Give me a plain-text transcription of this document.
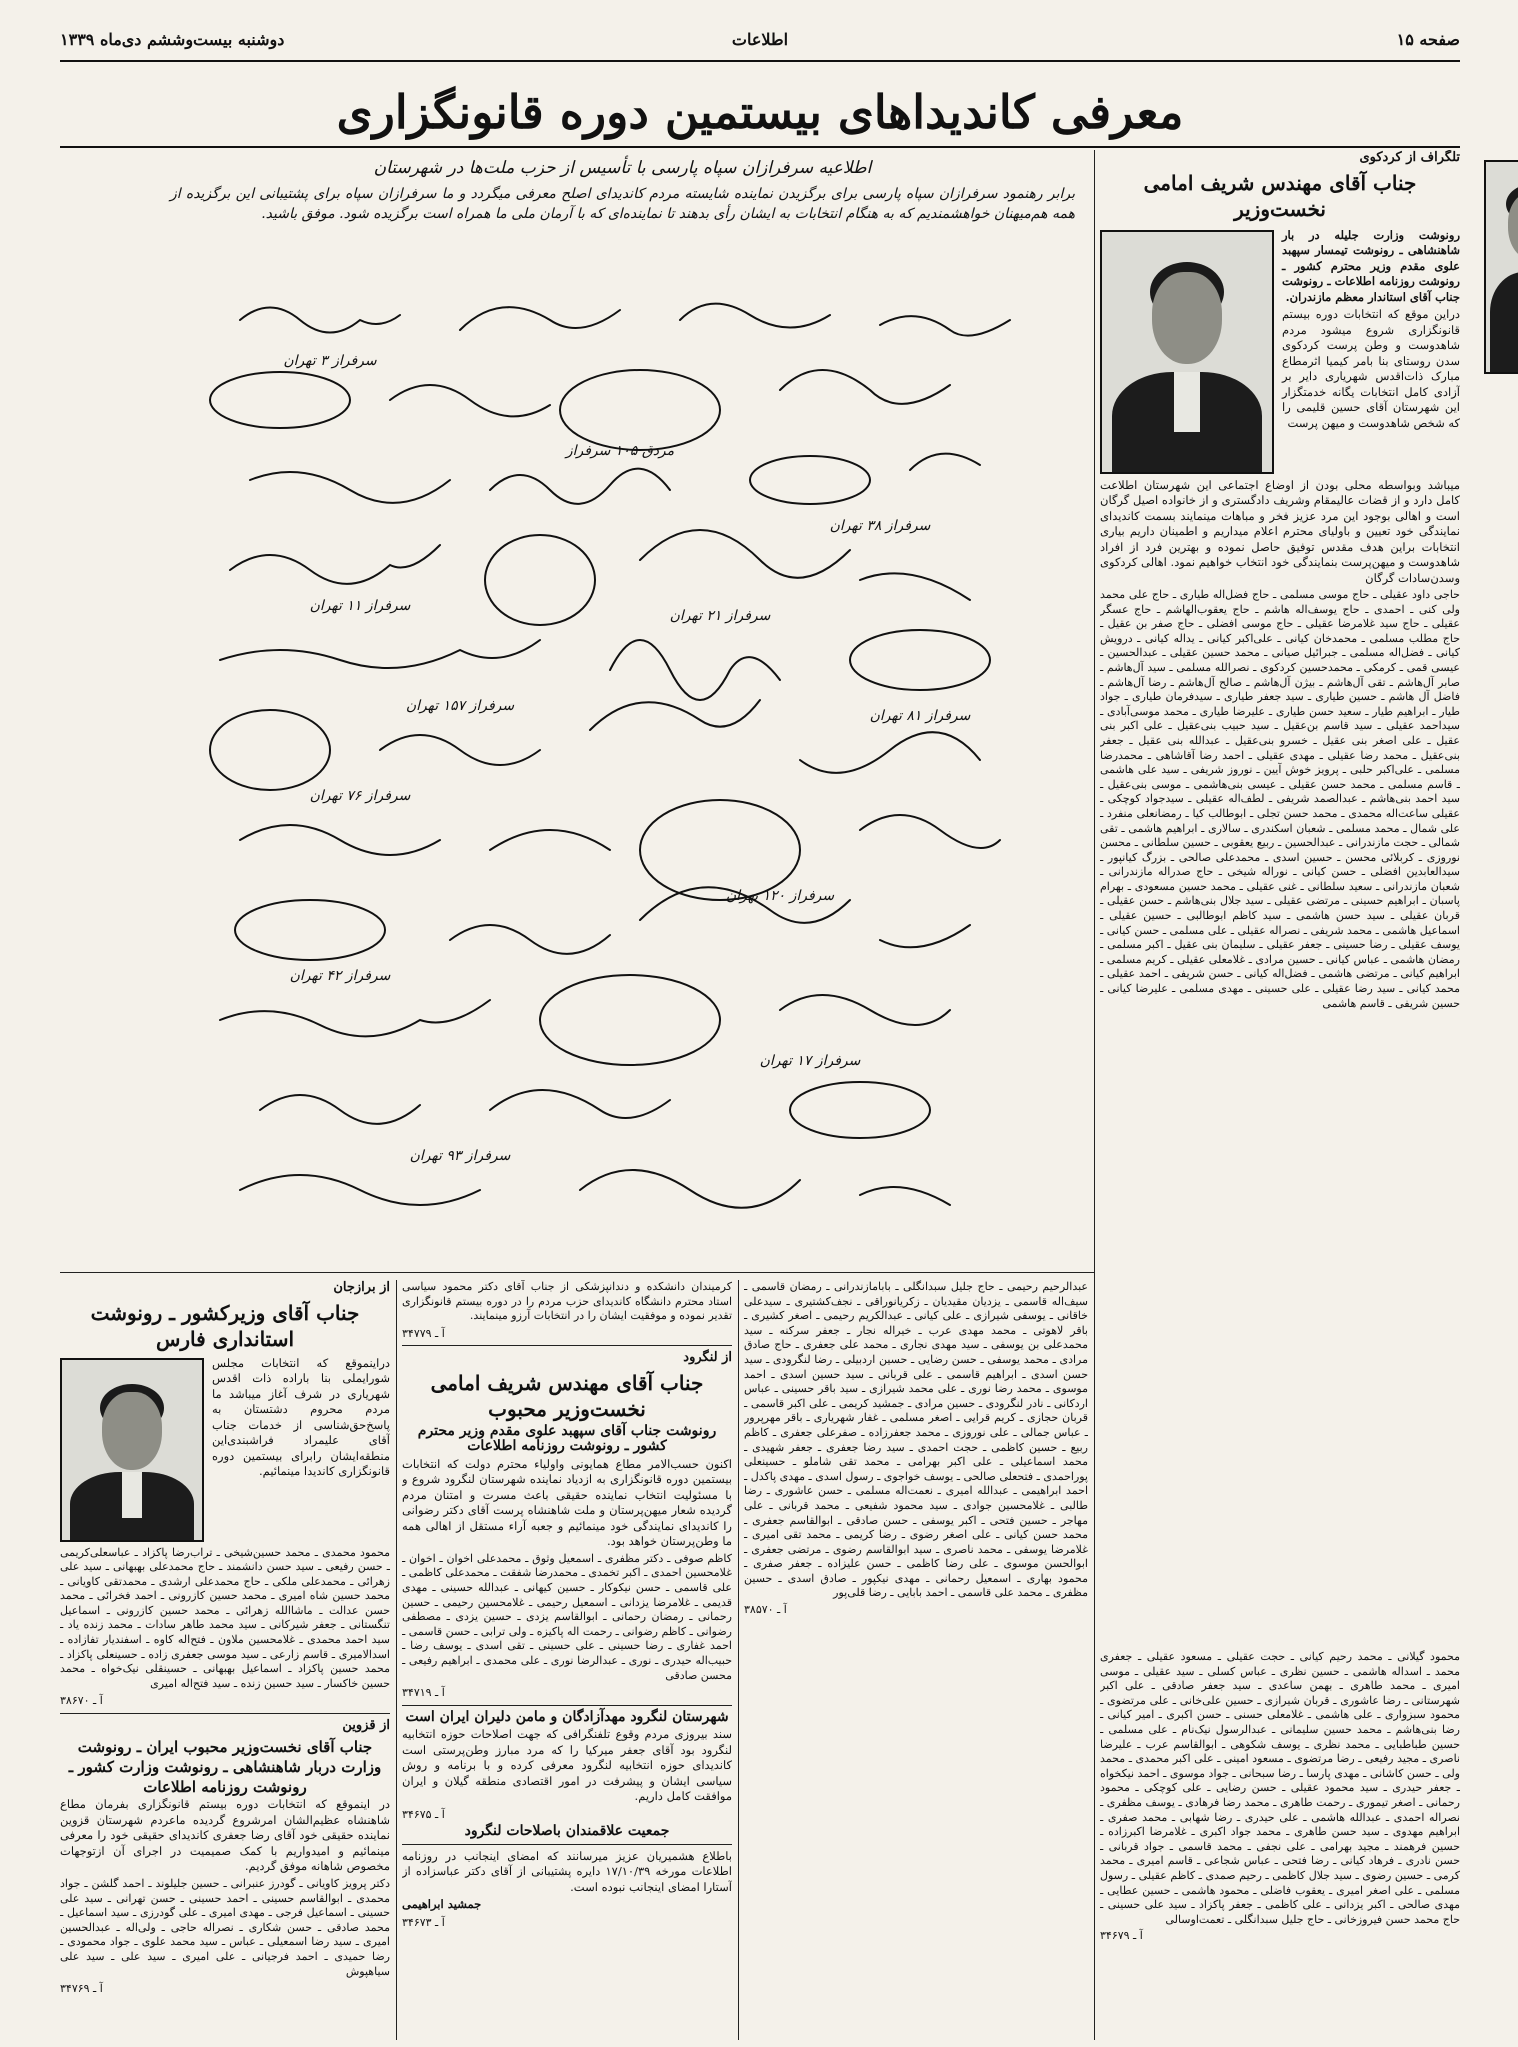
صفحه ۱۵
اطلاعات
دوشنبه بیست‌وششم دی‌ماه ۱۳۳۹
معرفی کاندیداهای بیستمین دوره قانونگزاری
تلگراف از کردکوی
جناب آقای مهندس شریف امامی
نخست‌وزیر

رونوشت وزارت جلیله در بار شاهنشاهی ـ رونوشت تیمسار سپهبد علوی مقدم وزیر محترم کشور ـ رونوشت روزنامه اطلاعات ـ رونوشت جناب آقای استاندار معظم مازندران.

دراین موقع که انتخابات دوره بیستم قانونگزاری شروع میشود مردم شاهدوست و وطن پرست کردکوی سدن روستای بنا بامر کیمیا اثرمطاع مبارک ذات‌اقدس شهریاری دایر بر آزادی کامل انتخابات یگانه خدمتگزار این شهرستان آقای حسین قلیمی را که شخص شاهدوست و میهن پرست

میباشد وبواسطه محلی بودن از اوضاع اجتماعی این شهرستان اطلاعت کامل دارد و از قضات عالیمقام وشریف دادگستری و از خانواده اصیل گرگان است و اهالی بوجود این مرد عزیز فخر و مباهات مینمایند بسمت کاندیدای نمایندگی خود تعیین و باولیای محترم اعلام میداریم و اطمینان داریم بیاری انتخابات براین هدف مقدس توفیق حاصل نموده و بهترین فرد از افراد شاهدوست و میهن‌پرست بنمایندگی خود انتخاب خواهیم نمود. اهالی کردکوی وسدن‌سادات گرگان

حاجی داود عقیلی ـ حاج موسی مسلمی ـ حاج فضل‌اله طیاری ـ حاج علی محمد ولی کنی ـ احمدی ـ حاج یوسف‌اله هاشم ـ حاج یعقوب‌الهاشم ـ حاج عسگر عقیلی ـ حاج سید غلامرضا عقیلی ـ حاج موسی افضلی ـ حاج صفر بن عقیل ـ حاج مطلب مسلمی ـ محمدخان کیانی ـ علی‌اکبر کیانی ـ یداله کیانی ـ درویش کیانی ـ فضل‌اله مسلمی ـ جبرائیل صیانی ـ محمد حسین عقیلی ـ عبدالحسین ـ عیسی قمی ـ کرمکی ـ محمدحسین کردکوی ـ نصرالله مسلمی ـ سید آل‌هاشم ـ صابر آل‌هاشم ـ تقی آل‌هاشم ـ بیژن آل‌هاشم ـ صالح آل‌هاشم ـ رضا آل‌هاشم ـ فاضل آل هاشم ـ حسین طیاری ـ سید جعفر طیاری ـ سیدفرمان طیاری ـ جواد طیار ـ ابراهیم طیار ـ سعید حسن طیاری ـ علیرضا طیاری ـ محمد موسی‌آبادی ـ سیداحمد عقیلی ـ سید قاسم بن‌عقیل ـ سید حبیب بنی‌عقیل ـ علی اکبر بنی عقیل ـ علی اصغر بنی عقیل ـ خسرو بنی‌عقیل ـ عبدالله بنی عقیل ـ جعفر بنی‌عقیل ـ محمد رضا عقیلی ـ مهدی عقیلی ـ احمد رضا آقاشاهی ـ محمدرضا مسلمی ـ علی‌اکبر حلبی ـ پرویز خوش آیین ـ نوروز شریفی ـ سید علی هاشمی ـ قاسم مسلمی ـ محمد حسن عقیلی ـ عیسی بنی‌هاشمی ـ موسی بنی‌عقیل ـ سید احمد بنی‌هاشم ـ عبدالصمد شریفی ـ لطف‌اله عقیلی ـ سیدجواد کوچکی ـ عقیلی ساعت‌اله محمدی ـ محمد حسن تجلی ـ ابوطالب کیا ـ رمضانعلی منفرد ـ علی شمال ـ محمد مسلمی ـ شعبان اسکندری ـ سالاری ـ ابراهیم هاشمی ـ تقی شمالی ـ حجت مازندرانی ـ عبدالحسین ـ ربیع یعقوبی ـ حسین سلطانی ـ محسن نوروزی ـ کربلائی محسن ـ حسین اسدی ـ محمدعلی صالحی ـ بزرگ کیانپور ـ سیدالعابدین افضلی ـ حسن کیانی ـ نوراله شیخی ـ حاج صدراله مازندرانی ـ شعبان مازندرانی ـ سعید سلطانی ـ غنی عقیلی ـ محمد حسین مسعودی ـ بهرام پاسبان ـ ابراهیم حسینی ـ مرتضی عقیلی ـ سید جلال بنی‌هاشم ـ حسن عقیلی ـ قربان عقیلی ـ سید حسن هاشمی ـ سید کاظم ابوطالبی ـ حسین عقیلی ـ اسماعیل هاشمی ـ محمد شریفی ـ نصراله عقیلی ـ علی مسلمی ـ حسن کیانی ـ یوسف عقیلی ـ رضا حسینی ـ جعفر عقیلی ـ سلیمان بنی عقیل ـ اکبر مسلمی ـ رمضان هاشمی ـ عباس کیانی ـ حسین مرادی ـ غلامعلی عقیلی ـ کریم مسلمی ـ ابراهیم کیانی ـ مرتضی هاشمی ـ فضل‌اله کیانی ـ حسن شریفی ـ احمد عقیلی ـ محمد کیانی ـ سید رضا عقیلی ـ علی حسینی ـ مهدی مسلمی ـ علیرضا کیانی ـ حسین شریفی ـ قاسم هاشمی

اطلاعیه سرفرازان سپاه پارسی با تأسیس از حزب ملت‌ها در شهرستان
برابر رهنمود سرفرازان سپاه پارسی برای برگزیدن نماینده شایسته مردم کاندیدای اصلح معرفی میگردد و ما سرفرازان سپاه برای پشتیبانی این برگزیده از همه هم‌میهنان خواهشمندیم که به هنگام انتخابات به ایشان رأی بدهند تا نماینده‌ای که با آرمان ملی ما همراه است برگزیده شود. موفق باشید.
سرفراز ۳ تهران
مردق ۱۰۵ سرفراز
سرفراز ۳۸ تهران
سرفراز ۱۱ تهران
سرفراز ۲۱ تهران
سرفراز ۱۵۷ تهران
سرفراز ۸۱ تهران
سرفراز ۷۶ تهران
سرفراز ۱۲۰ تهران
سرفراز ۴۲ تهران
سرفراز ۱۷ تهران
سرفراز ۹۳ تهران
از برازجان
جناب آقای وزیرکشور ـ رونوشت
استانداری فارس

دراینموقع که انتخابات مجلس شورایملی بنا باراده ذات اقدس شهریاری در شرف آغاز میباشد ما مردم محروم دشتستان به پاسخ‌حق‌شناسی از خدمات جناب آقای علیمراد فراشبندی‌این منطقه‌ایشان رابرای بیستمین دوره قانونگزاری کاندیدا مینمائیم.

محمود محمدی ـ محمد حسین‌شیخی ـ تراب‌رضا پاکزاد ـ عباسعلی‌کریمی ـ حسن رفیعی ـ سید حسن دانشمند ـ حاج محمدعلی بهبهانی ـ سید علی زهرائی ـ محمدعلی ملکی ـ حاج محمدعلی ارشدی ـ محمدتقی کاویانی ـ محمد حسین شاه امیری ـ محمد حسین کازرونی ـ احمد فخرائی ـ محمد حسن عدالت ـ ماشاالله زهرائی ـ محمد حسین کازرونی ـ اسماعیل تنگستانی ـ جعفر شیرکانی ـ سید محمد طاهر سادات ـ محمد زنده یاد ـ سید احمد محمدی ـ غلامحسین ملاون ـ فتح‌اله کاوه ـ اسفندیار تفازاده ـ اسدالامیری ـ قاسم زارعی ـ سید موسی جعفری زاده ـ حسینعلی پاکزاد ـ محمد حسین پاکزاد ـ اسماعیل بهبهانی ـ حسینقلی نیک‌خواه ـ محمد حسین خاکسار ـ سید حسین زنده ـ سید فتح‌اله امیری

آ ـ ۳۸۶۷۰
از قزوین
جناب آقای نخست‌وزیر محبوب ایران ـ رونوشت وزارت دربار شاهنشاهی ـ رونوشت وزارت کشور ـ رونوشت روزنامه اطلاعات

در اینموقع که انتخابات دوره بیستم قانونگزاری بفرمان مطاع شاهنشاه عظیم‌الشان امرشروع گردیده ماعردم شهرستان قزوین نماینده حقیقی خود آقای رضا جعفری کاندیدای حقیقی خود را معرفی مینمائیم و امیدواریم با کمک صمیمیت در اجرای آن ازتوجهات مخصوص شاهانه موفق گردیم.

دکتر پرویز کاویانی ـ گودرز عنبرانی ـ حسین جلیلوند ـ احمد گلشن ـ جواد محمدی ـ ابوالقاسم حسینی ـ احمد حسینی ـ حسن تهرانی ـ سید علی حسینی ـ اسماعیل فرجی ـ مهدی امیری ـ علی گودرزی ـ سید اسماعیل ـ محمد صادقی ـ حسن شکاری ـ نصراله حاجی ـ ولی‌اله ـ عبدالحسین امیری ـ سید رضا اسمعیلی ـ عباس ـ سید محمد علوی ـ جواد محمودی ـ رضا حمیدی ـ احمد فرجیانی ـ علی امیری ـ سید علی ـ سید علی سیاهپوش

آ ـ ۳۴۷۶۹

کرمیندان دانشکده و دندانپزشکی از جناب آقای دکتر محمود سیاسی استاد محترم دانشگاه کاندیدای حزب مردم را در دوره بیستم قانونگزاری تقدیر نموده و موفقیت ایشان را در انتخابات آرزو مینمایند.

آ ـ ۳۴۷۷۹
از لنگرود
جناب آقای مهندس شریف امامی
نخست‌وزیر محبوب
رونوشت جناب آقای سپهبد علوی مقدم وزیر محترم کشور ـ رونوشت روزنامه اطلاعات

اکنون حسب‌الامر مطاع همایونی واولیاء محترم دولت که انتخابات بیستمین دوره قانونگزاری به ازدیاد نماینده شهرستان لنگرود شروع و با مسئولیت انتخاب نماینده حقیقی باعث مسرت و امتنان مردم گردیده شعار میهن‌پرستان و ملت شاهنشاه پرست آقای دکتر رضوانی را کاندیدای نمایندگی خود مینمائیم و جعبه آراء مستقل از اهالی همه ما وطن‌پرستان خواهد بود.

کاظم صوفی ـ دکتر مظفری ـ اسمعیل وثوق ـ محمدعلی اخوان ـ اخوان ـ غلامحسین احمدی ـ اکبر تخمدی ـ محمدرضا شفقت ـ محمدعلی کاظمی ـ علی قاسمی ـ حسن نیکوکار ـ حسین کیهانی ـ عبدالله حسینی ـ مهدی قدیمی ـ غلامرضا یزدانی ـ اسمعیل رحیمی ـ غلامحسین رحیمی ـ حسین رحمانی ـ رمضان رحمانی ـ ابوالقاسم یزدی ـ حسین یزدی ـ مصطفی رضوانی ـ کاظم رضوانی ـ رحمت اله پاکیزه ـ ولی ترابی ـ حسن قاسمی ـ احمد غفاری ـ رضا حسینی ـ علی حسینی ـ تقی اسدی ـ یوسف رضا ـ حبیب‌اله حیدری ـ نوری ـ عبدالرضا نوری ـ علی محمدی ـ ابراهیم رفیعی ـ محسن صادقی

آ ـ ۳۴۷۱۹
شهرستان لنگرود مهدآزادگان و مامن دلیران ایران است

سند بیروزی مردم وقوع تلفنگرافی که جهت اصلاحات حوزه انتخابیه لنگرود بود آقای جعفر میرکیا را که مرد مبارز وطن‌پرستی است کاندیدای حوزه انتخابیه لنگرود معرفی کرده و با برنامه و روش سیاسی ایشان و پیشرفت در امور اقتصادی منطقه گیلان و ایران موافقت کامل داریم.

آ ـ ۳۴۶۷۵
جمعیت علاقمندان باصلاحات لنگرود

باطلاع هشمیریان عزیز میرسانند که امضای اینجانب در روزنامه اطلاعات مورخه ۱۷/۱۰/۳۹ دایره پشتیبانی از آقای دکتر عباسزاده از آستارا امضای اینجانب نبوده است.

جمشید ابراهیمی
آ ـ ۳۴۶۷۳

عبدالرحیم رحیمی ـ حاج جلیل سبدانگلی ـ بابامازندرانی ـ رمضان قاسمی ـ سیف‌اله قاسمی ـ یزدیان مقیدیان ـ زکریانوراقی ـ نجف‌کشتیری ـ سیدعلی خاقانی ـ یوسفی شیرازی ـ علی کیانی ـ عبدالکریم رحیمی ـ اصغر کشیری ـ باقر لاهوتی ـ محمد مهدی عرب ـ خیراله نجار ـ جعفر سرکنه ـ سید محمدعلی بن یوسفی ـ سید مهدی نجاری ـ محمد علی جعفری ـ حاج صادق مرادی ـ محمد یوسفی ـ حسن رضایی ـ حسین اردبیلی ـ رضا لنگرودی ـ سید حسن اسدی ـ ابراهیم قاسمی ـ علی قربانی ـ سید حسین اسدی ـ احمد موسوی ـ محمد رضا نوری ـ علی محمد شیرازی ـ سید باقر حسینی ـ عباس اردکانی ـ نادر لنگرودی ـ حسین مرادی ـ جمشید کریمی ـ علی اکبر قاسمی ـ قربان حجازی ـ کریم قرایی ـ اصغر مسلمی ـ غفار شهریاری ـ باقر مهرپرور ـ عباس جمالی ـ علی نوروزی ـ محمد جعفرزاده ـ صفرعلی جعفری ـ کاظم ربیع ـ حسین کاظمی ـ حجت احمدی ـ سید رضا جعفری ـ جعفر شهیدی ـ محمد اسماعیلی ـ علی اکبر بهرامی ـ محمد تقی شاملو ـ حسینعلی پوراحمدی ـ فتحعلی صالحی ـ یوسف خواجوی ـ رسول اسدی ـ مهدی پاکدل ـ احمد ابراهیمی ـ عبدالله امیری ـ نعمت‌اله مسلمی ـ حسن عاشوری ـ رضا طالبی ـ غلامحسین جوادی ـ سید محمود شفیعی ـ محمد قربانی ـ علی مهاجر ـ حسین فتحی ـ اکبر یوسفی ـ حسن صادقی ـ ابوالقاسم جعفری ـ محمد حسن کیانی ـ علی اصغر رضوی ـ رضا کریمی ـ محمد تقی امیری ـ غلامرضا یوسفی ـ محمد ناصری ـ سید ابوالقاسم رضوی ـ مرتضی جعفری ـ ابوالحسن موسوی ـ علی رضا کاظمی ـ حسن علیزاده ـ جعفر صفری ـ محمود بهاری ـ اسمعیل رحمانی ـ مهدی نیکپور ـ صادق اسدی ـ حسین مظفری ـ محمد علی قاسمی ـ احمد بابایی ـ رضا قلی‌پور

آ ـ ۳۸۵۷۰

محمود گیلانی ـ محمد رحیم کیانی ـ حجت عقیلی ـ مسعود عقیلی ـ جعفری محمد ـ اسداله هاشمی ـ حسین نظری ـ عباس کسلی ـ سید عقیلی ـ موسی امیری ـ محمد طاهری ـ بهمن ساعدی ـ سید جعفر صادقی ـ علی اکبر شهرستانی ـ رضا عاشوری ـ قربان شیرازی ـ حسین علی‌خانی ـ علی مرتضوی ـ محمود سبزواری ـ علی هاشمی ـ غلامعلی حسنی ـ حسن اکبری ـ امیر کیانی ـ رضا بنی‌هاشم ـ محمد حسین سلیمانی ـ عبدالرسول نیک‌نام ـ علی مسلمی ـ حسین طباطبایی ـ محمد نظری ـ یوسف شکوهی ـ ابوالقاسم عرب ـ علیرضا ناصری ـ مجید رفیعی ـ رضا مرتضوی ـ مسعود امینی ـ علی اکبر محمدی ـ محمد ولی ـ حسن کاشانی ـ مهدی پارسا ـ رضا سبحانی ـ جواد موسوی ـ احمد نیکخواه ـ جعفر حیدری ـ سید محمود عقیلی ـ حسن رضایی ـ علی کوچکی ـ محمود رحمانی ـ اصغر تیموری ـ رحمت طاهری ـ محمد رضا فرهادی ـ یوسف مظفری ـ نصراله احمدی ـ عبدالله هاشمی ـ علی حیدری ـ رضا شهابی ـ محمد صفری ـ ابراهیم مهدوی ـ سید حسن طاهری ـ محمد جواد اکبری ـ غلامرضا اکبرزاده ـ حسین فرهمند ـ مجید بهرامی ـ علی نجفی ـ محمد قاسمی ـ جواد قربانی ـ حسن نادری ـ فرهاد کیانی ـ رضا فتحی ـ عباس شجاعی ـ قاسم امیری ـ محمد کرمی ـ حسین رضوی ـ سید جلال کاظمی ـ رحیم صمدی ـ کاظم عقیلی ـ رسول مسلمی ـ علی اصغر امیری ـ یعقوب فاضلی ـ محمود هاشمی ـ حسین عطایی ـ مهدی صالحی ـ اکبر یزدانی ـ علی کاظمی ـ جعفر پاکزاد ـ سید علی حسینی ـ حاج محمد حسن فیروزخانی ـ حاج جلیل سبدانگلی ـ تعمت‌اوسالی

آ ـ ۳۴۶۷۹
